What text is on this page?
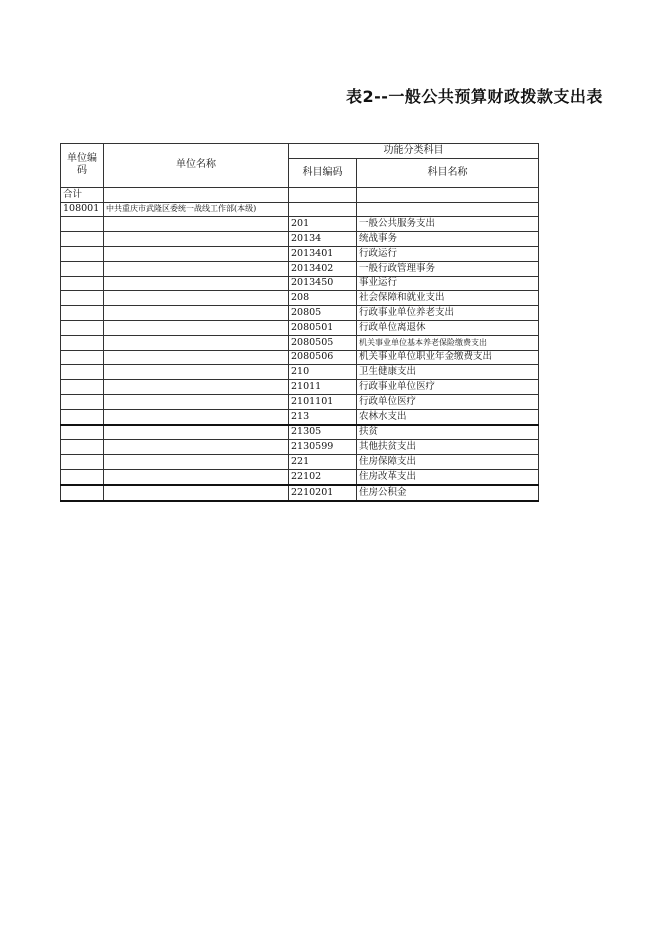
表2--一般公共预算财政拨款支出表
单位编码	单位名称	功能分类科目	
		科目编码	科目名称
合计			
108001	中共重庆市武隆区委统一战线工作部(本级)		
		201	一般公共服务支出
		20134	统战事务
		2013401	行政运行
		2013402	一般行政管理事务
		2013450	事业运行
		208	社会保障和就业支出
		20805	行政事业单位养老支出
		2080501	行政单位离退休
		2080505	机关事业单位基本养老保险缴费支出
		2080506	机关事业单位职业年金缴费支出
		210	卫生健康支出
		21011	行政事业单位医疗
		2101101	行政单位医疗
		213	农林水支出
		21305	扶贫
		2130599	其他扶贫支出
		221	住房保障支出
		22102	住房改革支出
		2210201	住房公积金
